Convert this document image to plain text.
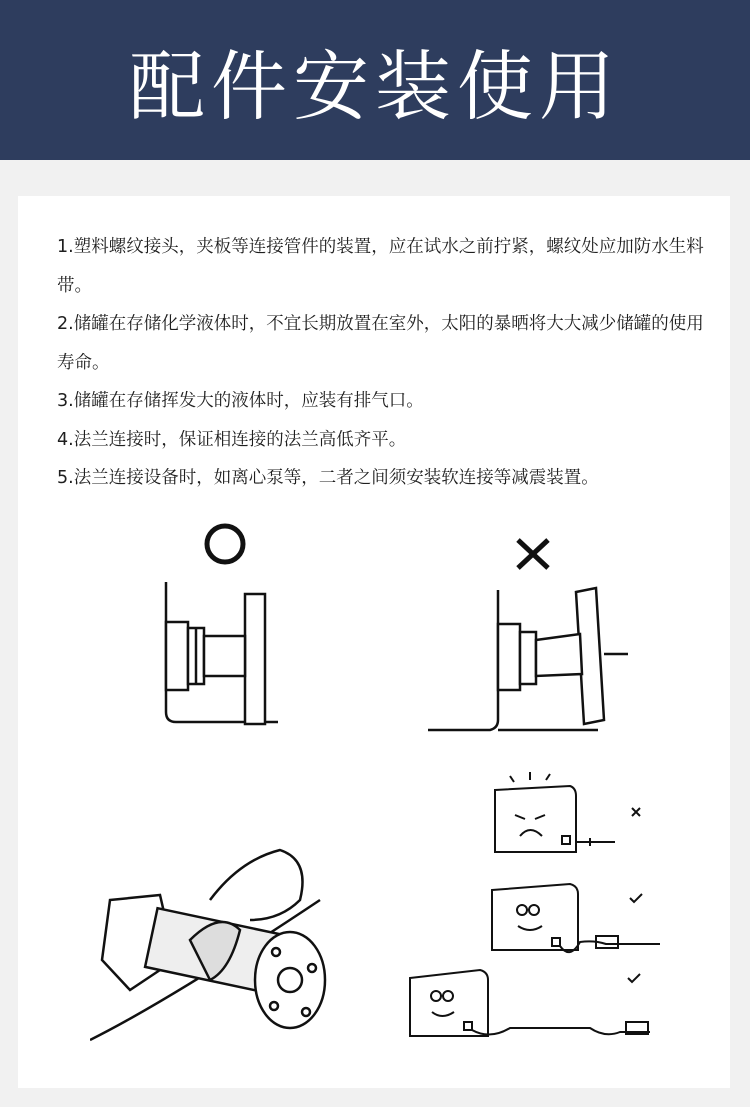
配件安装使用

1.塑料螺纹接头，夹板等连接管件的装置，应在试水之前拧紧，螺纹处应加防水生料带。

2.储罐在存储化学液体时，不宜长期放置在室外，太阳的暴晒将大大减少储罐的使用寿命。

3.储罐在存储挥发大的液体时，应装有排气口。

4.法兰连接时，保证相连接的法兰高低齐平。

5.法兰连接设备时，如离心泵等，二者之间须安装软连接等减震装置。
